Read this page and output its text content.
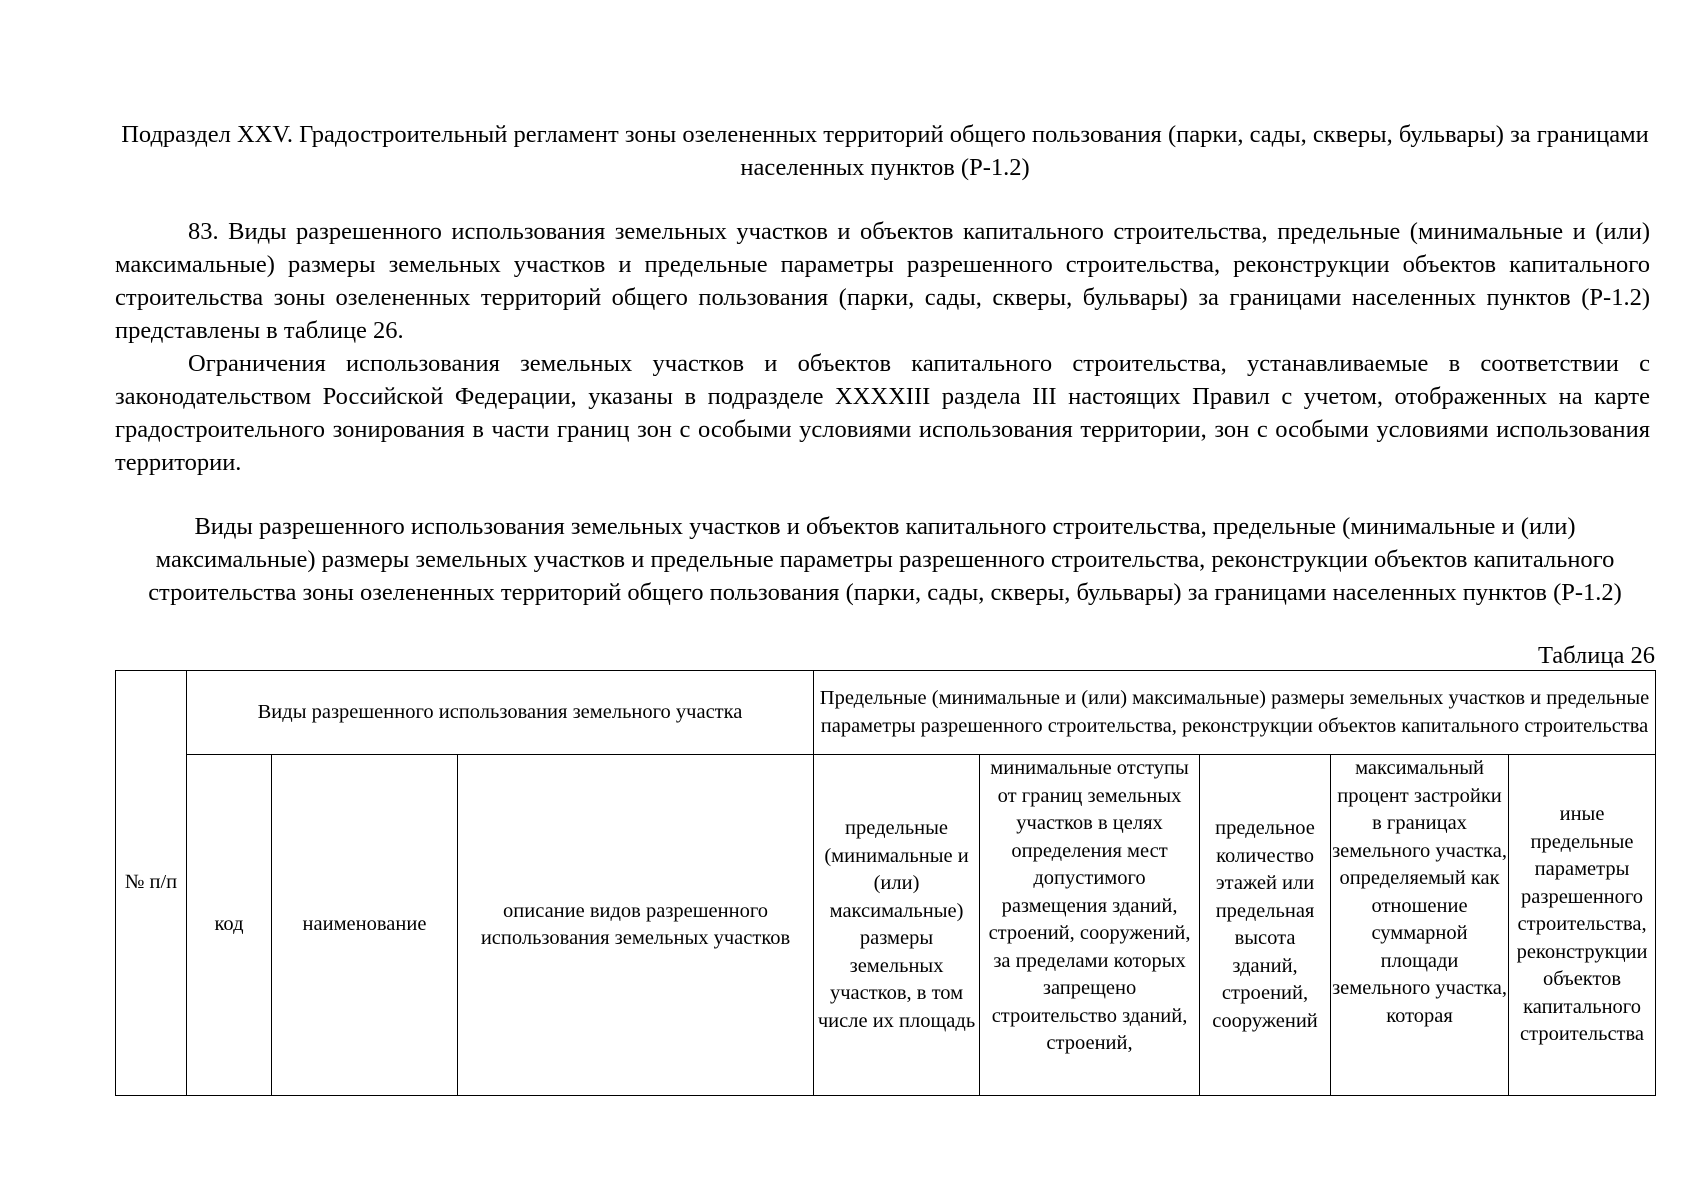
Подраздел XXV. Градостроительный регламент зоны озелененных территорий общего пользования (парки, сады, скверы, бульвары) за границами населенных пунктов (Р-1.2)

83. Виды разрешенного использования земельных участков и объектов капитального строительства, предельные (минимальные и (или) максимальные) размеры земельных участков и предельные параметры разрешенного строительства, реконструкции объектов капитального строительства зоны озелененных территорий общего пользования (парки, сады, скверы, бульвары) за границами населенных пунктов (Р-1.2) представлены в таблице 26.

Ограничения использования земельных участков и объектов капитального строительства, устанавливаемые в соответствии с законодательством Российской Федерации, указаны в подразделе XXXXIII раздела III настоящих Правил с учетом, отображенных на карте градостроительного зонирования в части границ зон с особыми условиями использования территории, зон с особыми условиями использования территории.

Виды разрешенного использования земельных участков и объектов капитального строительства, предельные (минимальные и (или) максимальные) размеры земельных участков и предельные параметры разрешенного строительства, реконструкции объектов капитального строительства зоны озелененных территорий общего пользования (парки, сады, скверы, бульвары) за границами населенных пунктов (Р-1.2)
Таблица 26
№ п/п	Виды разрешенного использования земельного участка			Предельные (минимальные и (или) максимальные) размеры земельных участков и предельные параметры разрешенного строительства, реконструкции объектов капитального строительства				
	код	наименование	описание видов разрешенного использования земельных участков	предельные (минимальные и (или) максимальные) размеры земельных участков, в том числе их площадь	минимальные отступы от границ земельных участков в целях определения мест допустимого размещения зданий, строений, сооружений, за пределами которых запрещено строительство зданий, строений,	предельное количество этажей или предельная высота зданий, строений, сооружений	максимальный процент застройки в границах земельного участка, определяемый как отношение суммарной площади земельного участка, которая	иные предельные параметры разрешенного строительства, реконструкции объектов капитального строительства
